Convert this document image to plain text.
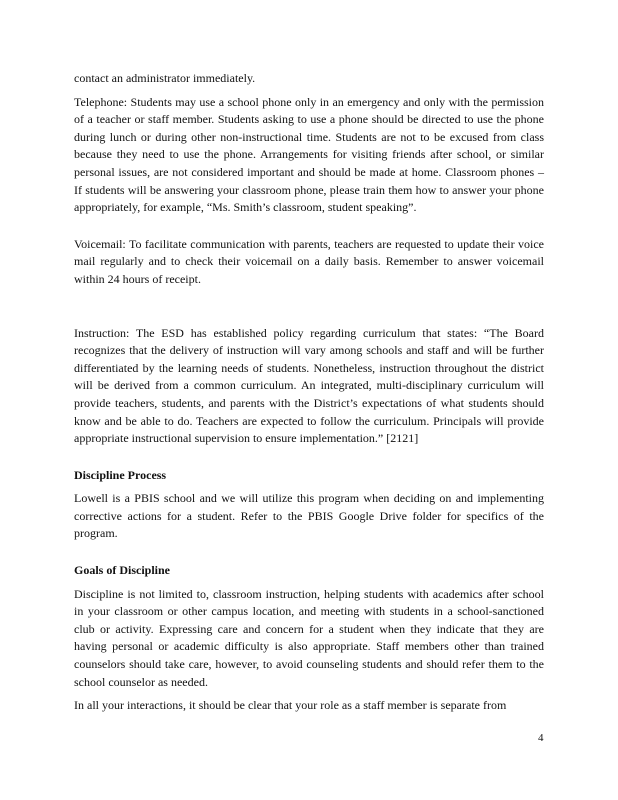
contact an administrator immediately.

Telephone: Students may use a school phone only in an emergency and only with the permission of a teacher or staff member. Students asking to use a phone should be directed to use the phone during lunch or during other non-instructional time. Students are not to be excused from class because they need to use the phone. Arrangements for visiting friends after school, or similar personal issues, are not considered important and should be made at home. Classroom phones – If students will be answering your classroom phone, please train them how to answer your phone appropriately, for example, “Ms. Smith’s classroom, student speaking”.

Voicemail: To facilitate communication with parents, teachers are requested to update their voice mail regularly and to check their voicemail on a daily basis. Remember to answer voicemail within 24 hours of receipt.

Instruction: The ESD has established policy regarding curriculum that states: “The Board recognizes that the delivery of instruction will vary among schools and staff and will be further differentiated by the learning needs of students. Nonetheless, instruction throughout the district will be derived from a common curriculum. An integrated, multi-disciplinary curriculum will provide teachers, students, and parents with the District’s expectations of what students should know and be able to do. Teachers are expected to follow the curriculum. Principals will provide appropriate instructional supervision to ensure implementation.” [2121]

Discipline Process

Lowell is a PBIS school and we will utilize this program when deciding on and implementing corrective actions for a student. Refer to the PBIS Google Drive folder for specifics of the program.

Goals of Discipline

Discipline is not limited to, classroom instruction, helping students with academics after school in your classroom or other campus location, and meeting with students in a school-sanctioned club or activity. Expressing care and concern for a student when they indicate that they are having personal or academic difficulty is also appropriate. Staff members other than trained counselors should take care, however, to avoid counseling students and should refer them to the school counselor as needed.

In all your interactions, it should be clear that your role as a staff member is separate from

4
